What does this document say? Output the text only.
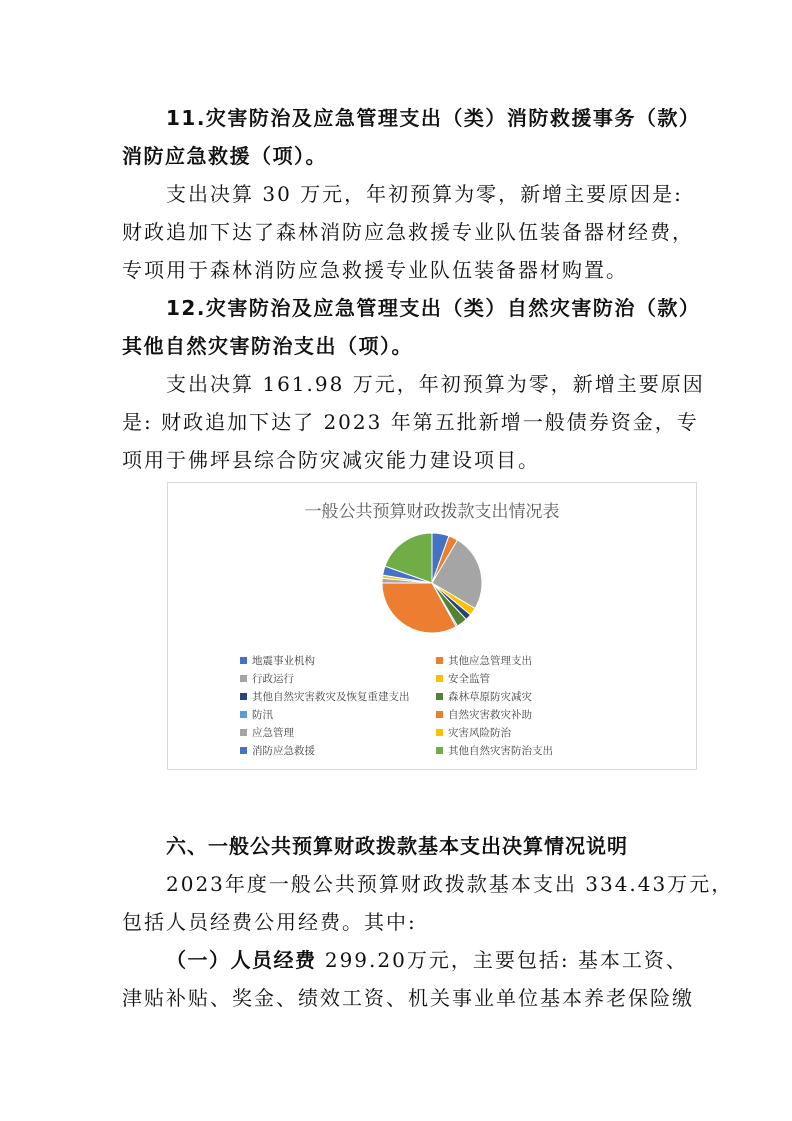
11.灾害防治及应急管理支出（类）消防救援事务（款）
消防应急救援（项）。
支出决算 30 万元，年初预算为零，新增主要原因是:
财政追加下达了森林消防应急救援专业队伍装备器材经费，
专项用于森林消防应急救援专业队伍装备器材购置。
12.灾害防治及应急管理支出（类）自然灾害防治（款）
其他自然灾害防治支出（项）。
支出决算 161.98 万元，年初预算为零，新增主要原因
是: 财政追加下达了 2023 年第五批新增一般债券资金，专
项用于佛坪县综合防灾减灾能力建设项目。
一般公共预算财政拨款支出情况表
地震事业机构	其他应急管理支出
行政运行	安全监管
其他自然灾害救灾及恢复重建支出	森林草原防灾减灾
防汛	自然灾害救灾补助
应急管理	灾害风险防治
消防应急救援	其他自然灾害防治支出
六、一般公共预算财政拨款基本支出决算情况说明
2023年度一般公共预算财政拨款基本支出 334.43万元，
包括人员经费公用经费。其中:
（一）人员经费 299.20万元，主要包括: 基本工资、
津贴补贴、奖金、绩效工资、机关事业单位基本养老保险缴
